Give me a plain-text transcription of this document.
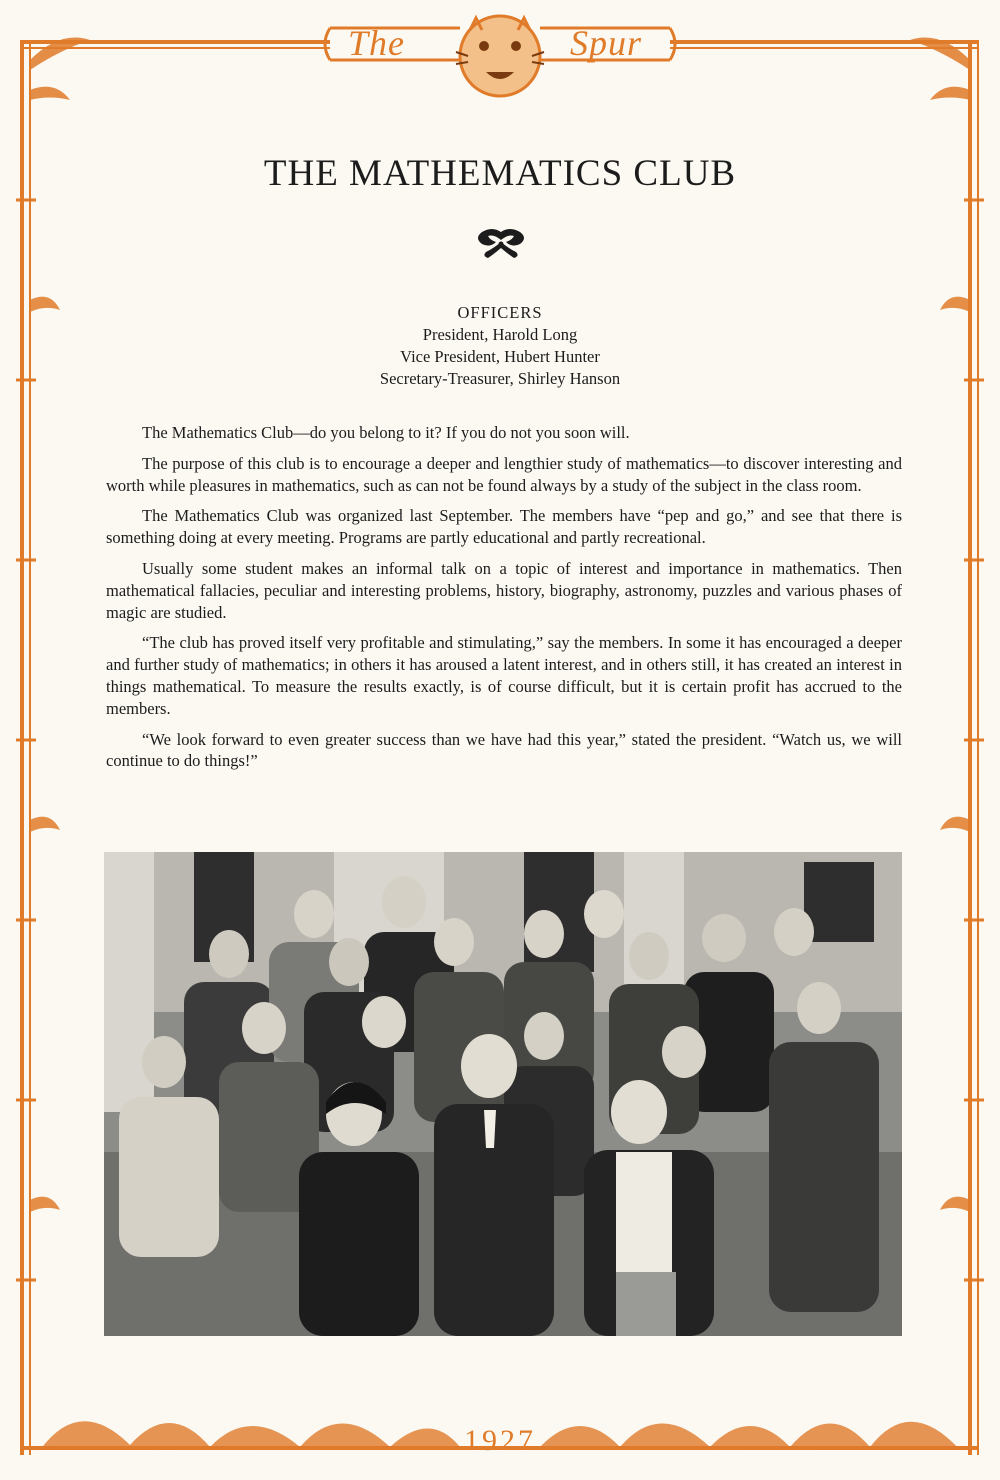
The	Spur
THE MATHEMATICS CLUB
OFFICERS
President, Harold Long
Vice President, Hubert Hunter
Secretary-Treasurer, Shirley Hanson

The Mathematics Club—do you belong to it? If you do not you soon will.

The purpose of this club is to encourage a deeper and lengthier study of mathematics—to discover interesting and worth while pleasures in mathematics, such as can not be found always by a study of the subject in the class room.

The Mathematics Club was organized last September. The members have “pep and go,” and see that there is something doing at every meeting. Programs are partly educational and partly recreational.

Usually some student makes an informal talk on a topic of interest and importance in mathematics. Then mathematical fallacies, peculiar and interesting problems, history, biography, astronomy, puzzles and various phases of magic are studied.

“The club has proved itself very profitable and stimulating,” say the members. In some it has encouraged a deeper and further study of mathematics; in others it has aroused a latent interest, and in others still, it has created an interest in things mathematical. To measure the results exactly, is of course difficult, but it is certain profit has accrued to the members.

“We look forward to even greater success than we have had this year,” stated the president. “Watch us, we will continue to do things!”

1927
